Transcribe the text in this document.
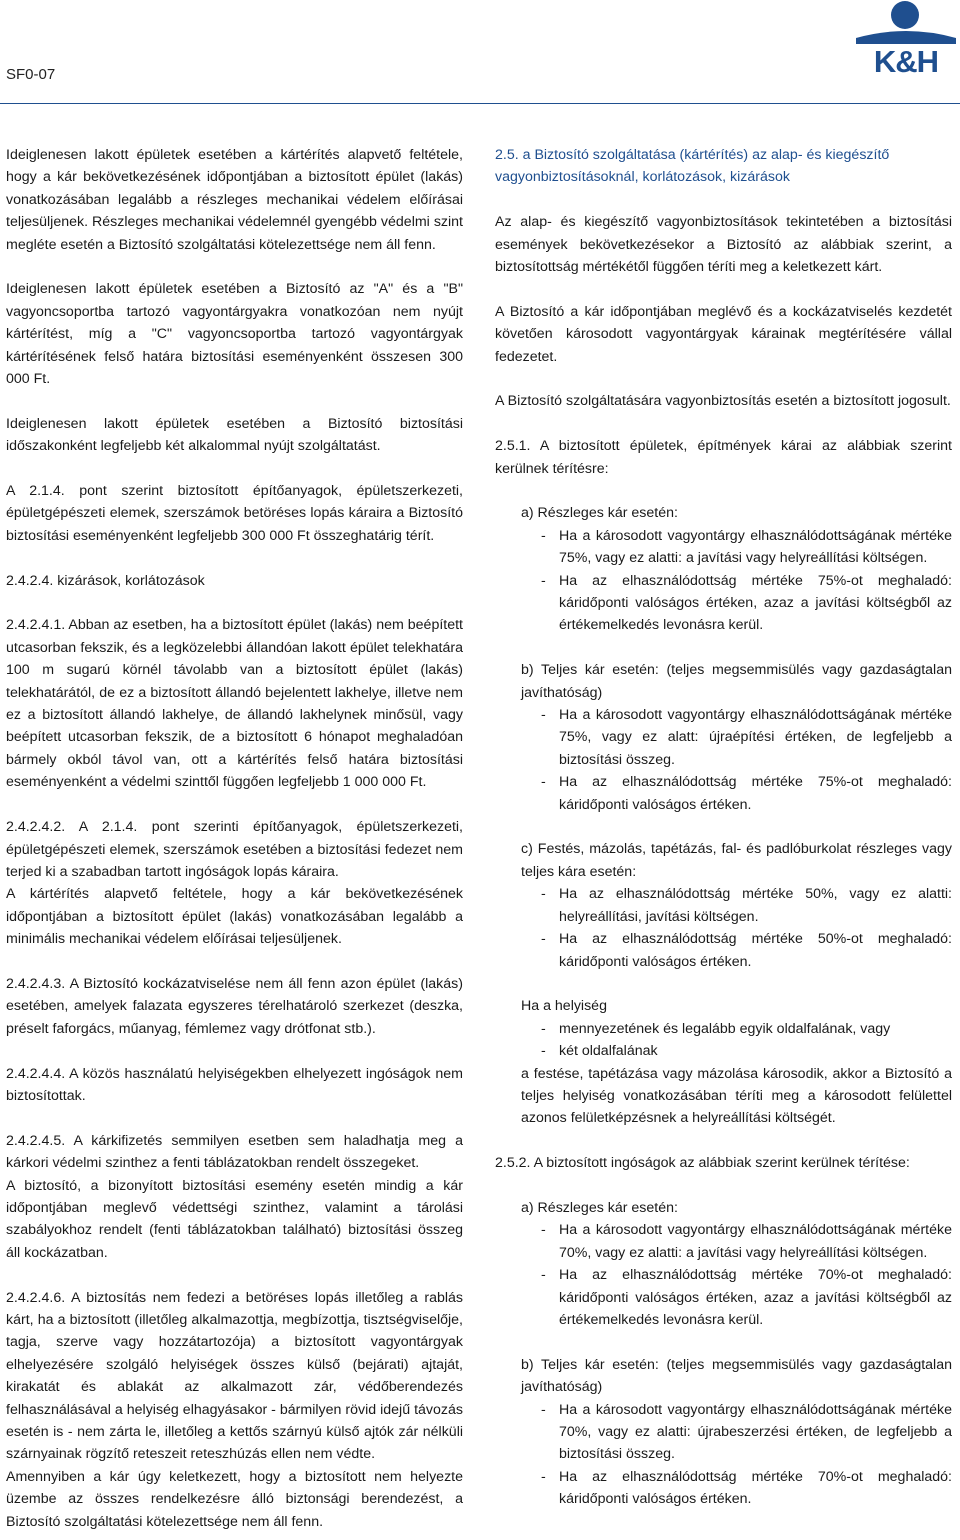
SF0-07	K&H

Ideiglenesen lakott épületek esetében a kártérítés alapvető feltétele, hogy a kár bekövetkezésének időpontjában a biztosított épület (lakás) vonatkozásában legalább a részleges mechanikai védelem előírásai teljesüljenek. Részleges mechanikai védelemnél gyengébb védelmi szint megléte esetén a Biztosító szolgáltatási kötelezettsége nem áll fenn.

Ideiglenesen lakott épületek esetében a Biztosító az "A" és a "B" vagyoncsoportba tartozó vagyontárgyakra vonatkozóan nem nyújt kártérítést, míg a "C" vagyoncsoportba tartozó vagyontárgyak kártérítésének felső határa biztosítási eseményenként összesen 300 000 Ft.

Ideiglenesen lakott épületek esetében a Biztosító biztosítási időszakonként legfeljebb két alkalommal nyújt szolgáltatást.

A 2.1.4. pont szerint biztosított építőanyagok, épületszerkezeti, épületgépészeti elemek, szerszámok betöréses lopás káraira a Biztosító biztosítási eseményenként legfeljebb 300 000 Ft összeghatárig térít.

2.4.2.4. kizárások, korlátozások

2.4.2.4.1. Abban az esetben, ha a biztosított épület (lakás) nem beépített utcasorban fekszik, és a legközelebbi állandóan lakott épület telekhatára 100 m sugarú körnél távolabb van a biztosított épület (lakás) telekhatárától, de ez a biztosított állandó bejelentett lakhelye, illetve nem ez a biztosított állandó lakhelye, de állandó lakhelynek minősül, vagy beépített utcasorban fekszik, de a biztosított 6 hónapot meghaladóan bármely okból távol van, ott a kártérítés felső határa biztosítási eseményenként a védelmi szinttől függően legfeljebb 1 000 000 Ft.

2.4.2.4.2. A 2.1.4. pont szerinti építőanyagok, épületszerkezeti, épületgépészeti elemek, szerszámok esetében a biztosítási fedezet nem terjed ki a szabadban tartott ingóságok lopás káraira.

A kártérítés alapvető feltétele, hogy a kár bekövetkezésének időpontjában a biztosított épület (lakás) vonatkozásában legalább a minimális mechanikai védelem előírásai teljesüljenek.

2.4.2.4.3. A Biztosító kockázatviselése nem áll fenn azon épület (lakás) esetében, amelyek falazata egyszeres térelhatároló szerkezet (deszka, préselt faforgács, műanyag, fémlemez vagy drótfonat stb.).

2.4.2.4.4. A közös használatú helyiségekben elhelyezett ingóságok nem biztosítottak.

2.4.2.4.5. A kárkifizetés semmilyen esetben sem haladhatja meg a kárkori védelmi szinthez a fenti táblázatokban rendelt összegeket.

A biztosító, a bizonyított biztosítási esemény esetén mindig a kár időpontjában meglevő védettségi szinthez, valamint a tárolási szabályokhoz rendelt (fenti táblázatokban található) biztosítási összeg áll kockázatban.

2.4.2.4.6. A biztosítás nem fedezi a betöréses lopás illetőleg a rablás kárt, ha a biztosított (illetőleg alkalmazottja, megbízottja, tisztségviselője, tagja, szerve vagy hozzátartozója) a biztosított vagyontárgyak elhelyezésére szolgáló helyiségek összes külső (bejárati) ajtaját, kirakatát és ablakát az alkalmazott zár, védőberendezés felhasználásával a helyiség elhagyásakor - bármilyen rövid idejű távozás esetén is - nem zárta le, illetőleg a kettős szárnyú külső ajtók zár nélküli szárnyainak rögzítő reteszeit reteszhúzás ellen nem védte.

Amennyiben a kár úgy keletkezett, hogy a biztosított nem helyezte üzembe az összes rendelkezésre álló biztonsági berendezést, a Biztosító szolgáltatási kötelezettsége nem áll fenn.

2.5. a Biztosító szolgáltatása (kártérítés) az alap- és kiegészítő vagyonbiztosításoknál, korlátozások, kizárások

Az alap- és kiegészítő vagyonbiztosítások tekintetében a biztosítási események bekövetkezésekor a Biztosító az alábbiak szerint, a biztosítottság mértékétől függően téríti meg a keletkezett kárt.

A Biztosító a kár időpontjában meglévő és a kockázatviselés kezdetét követően károsodott vagyontárgyak kárainak megtérítésére vállal fedezetet.

A Biztosító szolgáltatására vagyonbiztosítás esetén a biztosított jogosult.

2.5.1. A biztosított épületek, építmények kárai az alábbiak szerint kerülnek térítésre:

a) Részleges kár esetén:

- Ha a károsodott vagyontárgy elhasználódottságának mértéke 75%, vagy ez alatti: a javítási vagy helyreállítási költségen.
- Ha az elhasználódottság mértéke 75%-ot meghaladó: káridőponti valóságos értéken, azaz a javítási költségből az értékemelkedés levonásra kerül.

b) Teljes kár esetén: (teljes megsemmisülés vagy gazdaságtalan javíthatóság)

- Ha a károsodott vagyontárgy elhasználódottságának mértéke 75%, vagy ez alatt: újraépítési értéken, de legfeljebb a biztosítási összeg.
- Ha az elhasználódottság mértéke 75%-ot meghaladó: káridőponti valóságos értéken.

c) Festés, mázolás, tapétázás, fal- és padlóburkolat részleges vagy teljes kára esetén:

- Ha az elhasználódottság mértéke 50%, vagy ez alatti: helyreállítási, javítási költségen.
- Ha az elhasználódottság mértéke 50%-ot meghaladó: káridőponti valóságos értéken.

Ha a helyiség

- mennyezetének és legalább egyik oldalfalának, vagy
- két oldalfalának

a festése, tapétázása vagy mázolása károsodik, akkor a Biztosító a teljes helyiség vonatkozásában téríti meg a károsodott felülettel azonos felületképzésnek a helyreállítási költségét.

2.5.2. A biztosított ingóságok az alábbiak szerint kerülnek térítése:

a) Részleges kár esetén:

- Ha a károsodott vagyontárgy elhasználódottságának mértéke 70%, vagy ez alatti: a javítási vagy helyreállítási költségen.
- Ha az elhasználódottság mértéke 70%-ot meghaladó: káridőponti valóságos értéken, azaz a javítási költségből az értékemelkedés levonásra kerül.

b) Teljes kár esetén: (teljes megsemmisülés vagy gazdaságtalan javíthatóság)

- Ha a károsodott vagyontárgy elhasználódottságának mértéke 70%, vagy ez alatti: újrabeszerzési értéken, de legfeljebb a biztosítási összeg.
- Ha az elhasználódottság mértéke 70%-ot meghaladó: káridőponti valóságos értéken.
